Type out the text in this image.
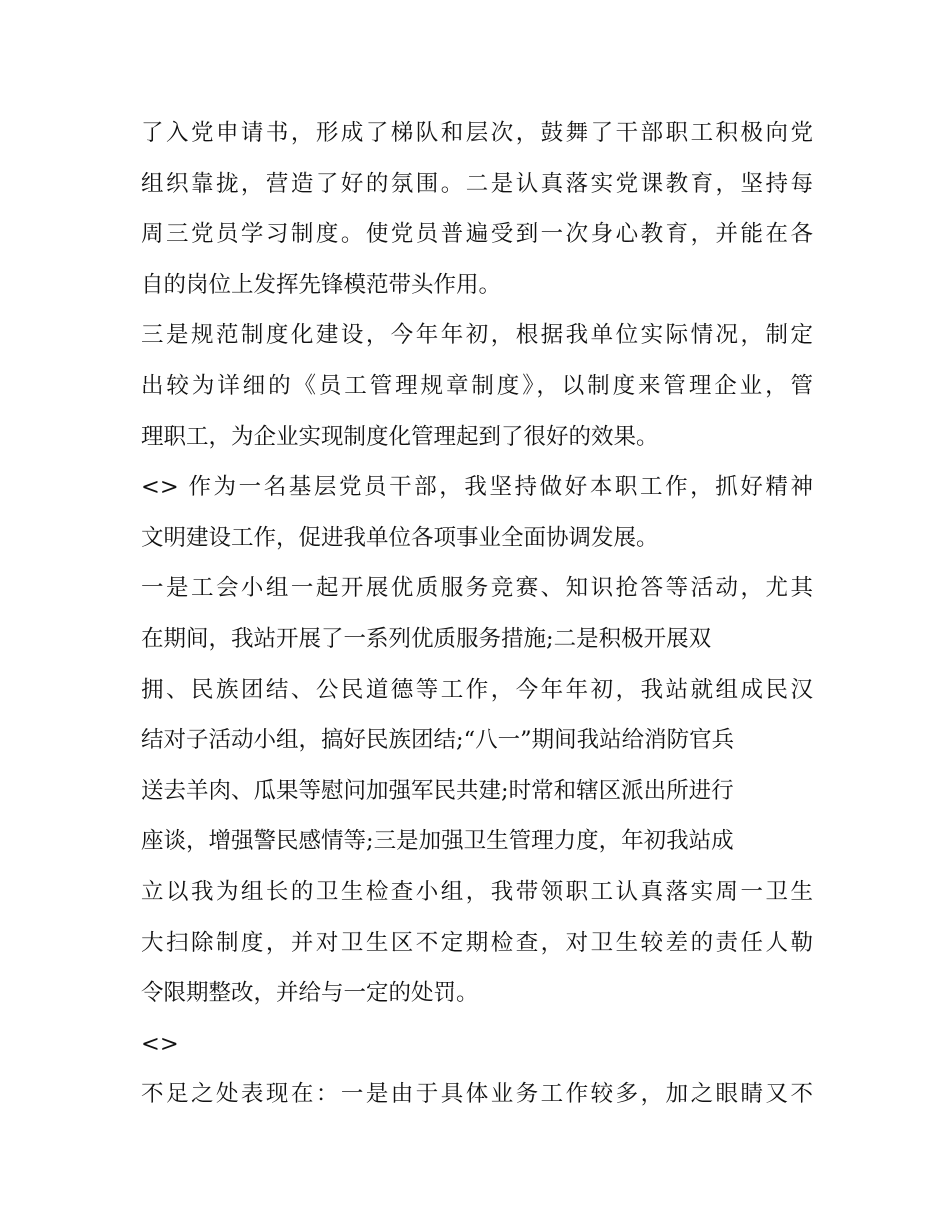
了入党申请书，形成了梯队和层次，鼓舞了干部职工积极向党
组织靠拢，营造了好的氛围。二是认真落实党课教育，坚持每
周三党员学习制度。使党员普遍受到一次身心教育，并能在各
自的岗位上发挥先锋模范带头作用。
三是规范制度化建设，今年年初，根据我单位实际情况，制定
出较为详细的《员工管理规章制度》，以制度来管理企业，管
理职工，为企业实现制度化管理起到了很好的效果。
<> 作为一名基层党员干部，我坚持做好本职工作，抓好精神
文明建设工作，促进我单位各项事业全面协调发展。
一是工会小组一起开展优质服务竞赛、知识抢答等活动，尤其
在期间，我站开展了一系列优质服务措施;二是积极开展双
拥、民族团结、公民道德等工作，今年年初，我站就组成民汉
结对子活动小组，搞好民族团结;“八一”期间我站给消防官兵
送去羊肉、瓜果等慰问加强军民共建;时常和辖区派出所进行
座谈，增强警民感情等;三是加强卫生管理力度，年初我站成
立以我为组长的卫生检查小组，我带领职工认真落实周一卫生
大扫除制度，并对卫生区不定期检查，对卫生较差的责任人勒
令限期整改，并给与一定的处罚。
<>
不足之处表现在：一是由于具体业务工作较多，加之眼睛又不
